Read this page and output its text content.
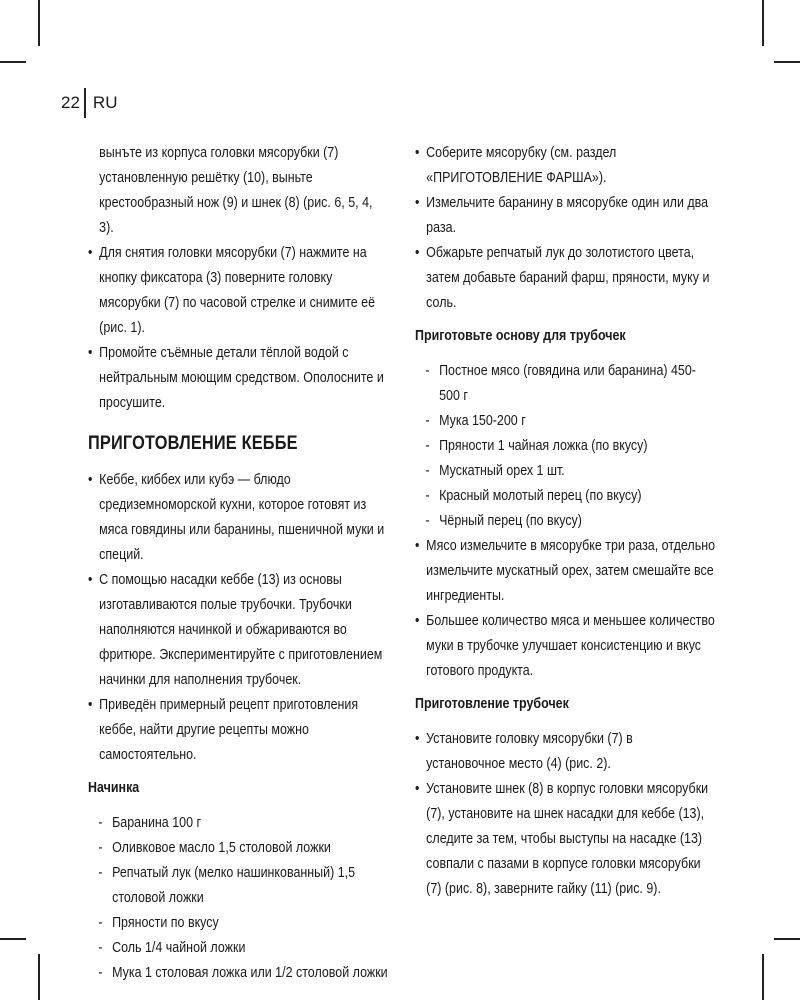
22 RU

вынъте из корпуса головки мясорубки (7) установленную решётку (10), выньте крестообразный нож (9) и шнек (8) (рис. 6, 5, 4, 3).

• Для снятия головки мясорубки (7) нажмите на кнопку фиксатора (3) поверните головку мясорубки (7) по часовой стрелке и снимите её (рис. 1).

• Промойте съёмные детали тёплой водой с нейтральным моющим средством. Ополосните и просушите.

ПРИГОТОВЛЕНИЕ КЕББЕ

• Кеббе, киббех или кубэ — блюдо средиземноморской кухни, которое готовят из мяса говядины или баранины, пшеничной муки и специй.

• С помощью насадки кеббе (13) из основы изготавливаются полые трубочки. Трубочки наполняются начинкой и обжариваются во фритюре. Экспериментируйте с приготовлением начинки для наполнения трубочек.

• Приведён примерный рецепт приготовления кеббе, найти другие рецепты можно самостоятельно.

Начинка

- Баранина 100 г

- Оливковое масло 1,5 столовой ложки

- Репчатый лук (мелко нашинкованный) 1,5 столовой ложки

- Пряности по вкусу

- Соль 1/4 чайной ложки

- Мука 1 столовая ложка или 1/2 столовой ложки

• Соберите мясорубку (см. раздел «ПРИГОТОВЛЕНИЕ ФАРША»).

• Измельчите баранину в мясорубке один или два раза.

• Обжарьте репчатый лук до золотистого цвета, затем добавьте бараний фарш, пряности, муку и соль.

Приготовьте основу для трубочек

- Постное мясо (говядина или баранина) 450-500 г

- Мука 150-200 г

- Пряности 1 чайная ложка (по вкусу)

- Мускатный орех 1 шт.

- Красный молотый перец (по вкусу)

- Чёрный перец (по вкусу)

• Мясо измельчите в мясорубке три раза, отдельно измельчите мускатный орех, затем смешайте все ингредиенты.

• Большее количество мяса и меньшее количество муки в трубочке улучшает консистенцию и вкус готового продукта.

Приготовление трубочек

• Установите головку мясорубки (7) в установочное место (4) (рис. 2).

• Установите шнек (8) в корпус головки мясорубки (7), установите на шнек насадки для кеббе (13), следите за тем, чтобы выступы на насадке (13) совпали с пазами в корпусе головки мясорубки (7) (рис. 8), заверните гайку (11) (рис. 9).
